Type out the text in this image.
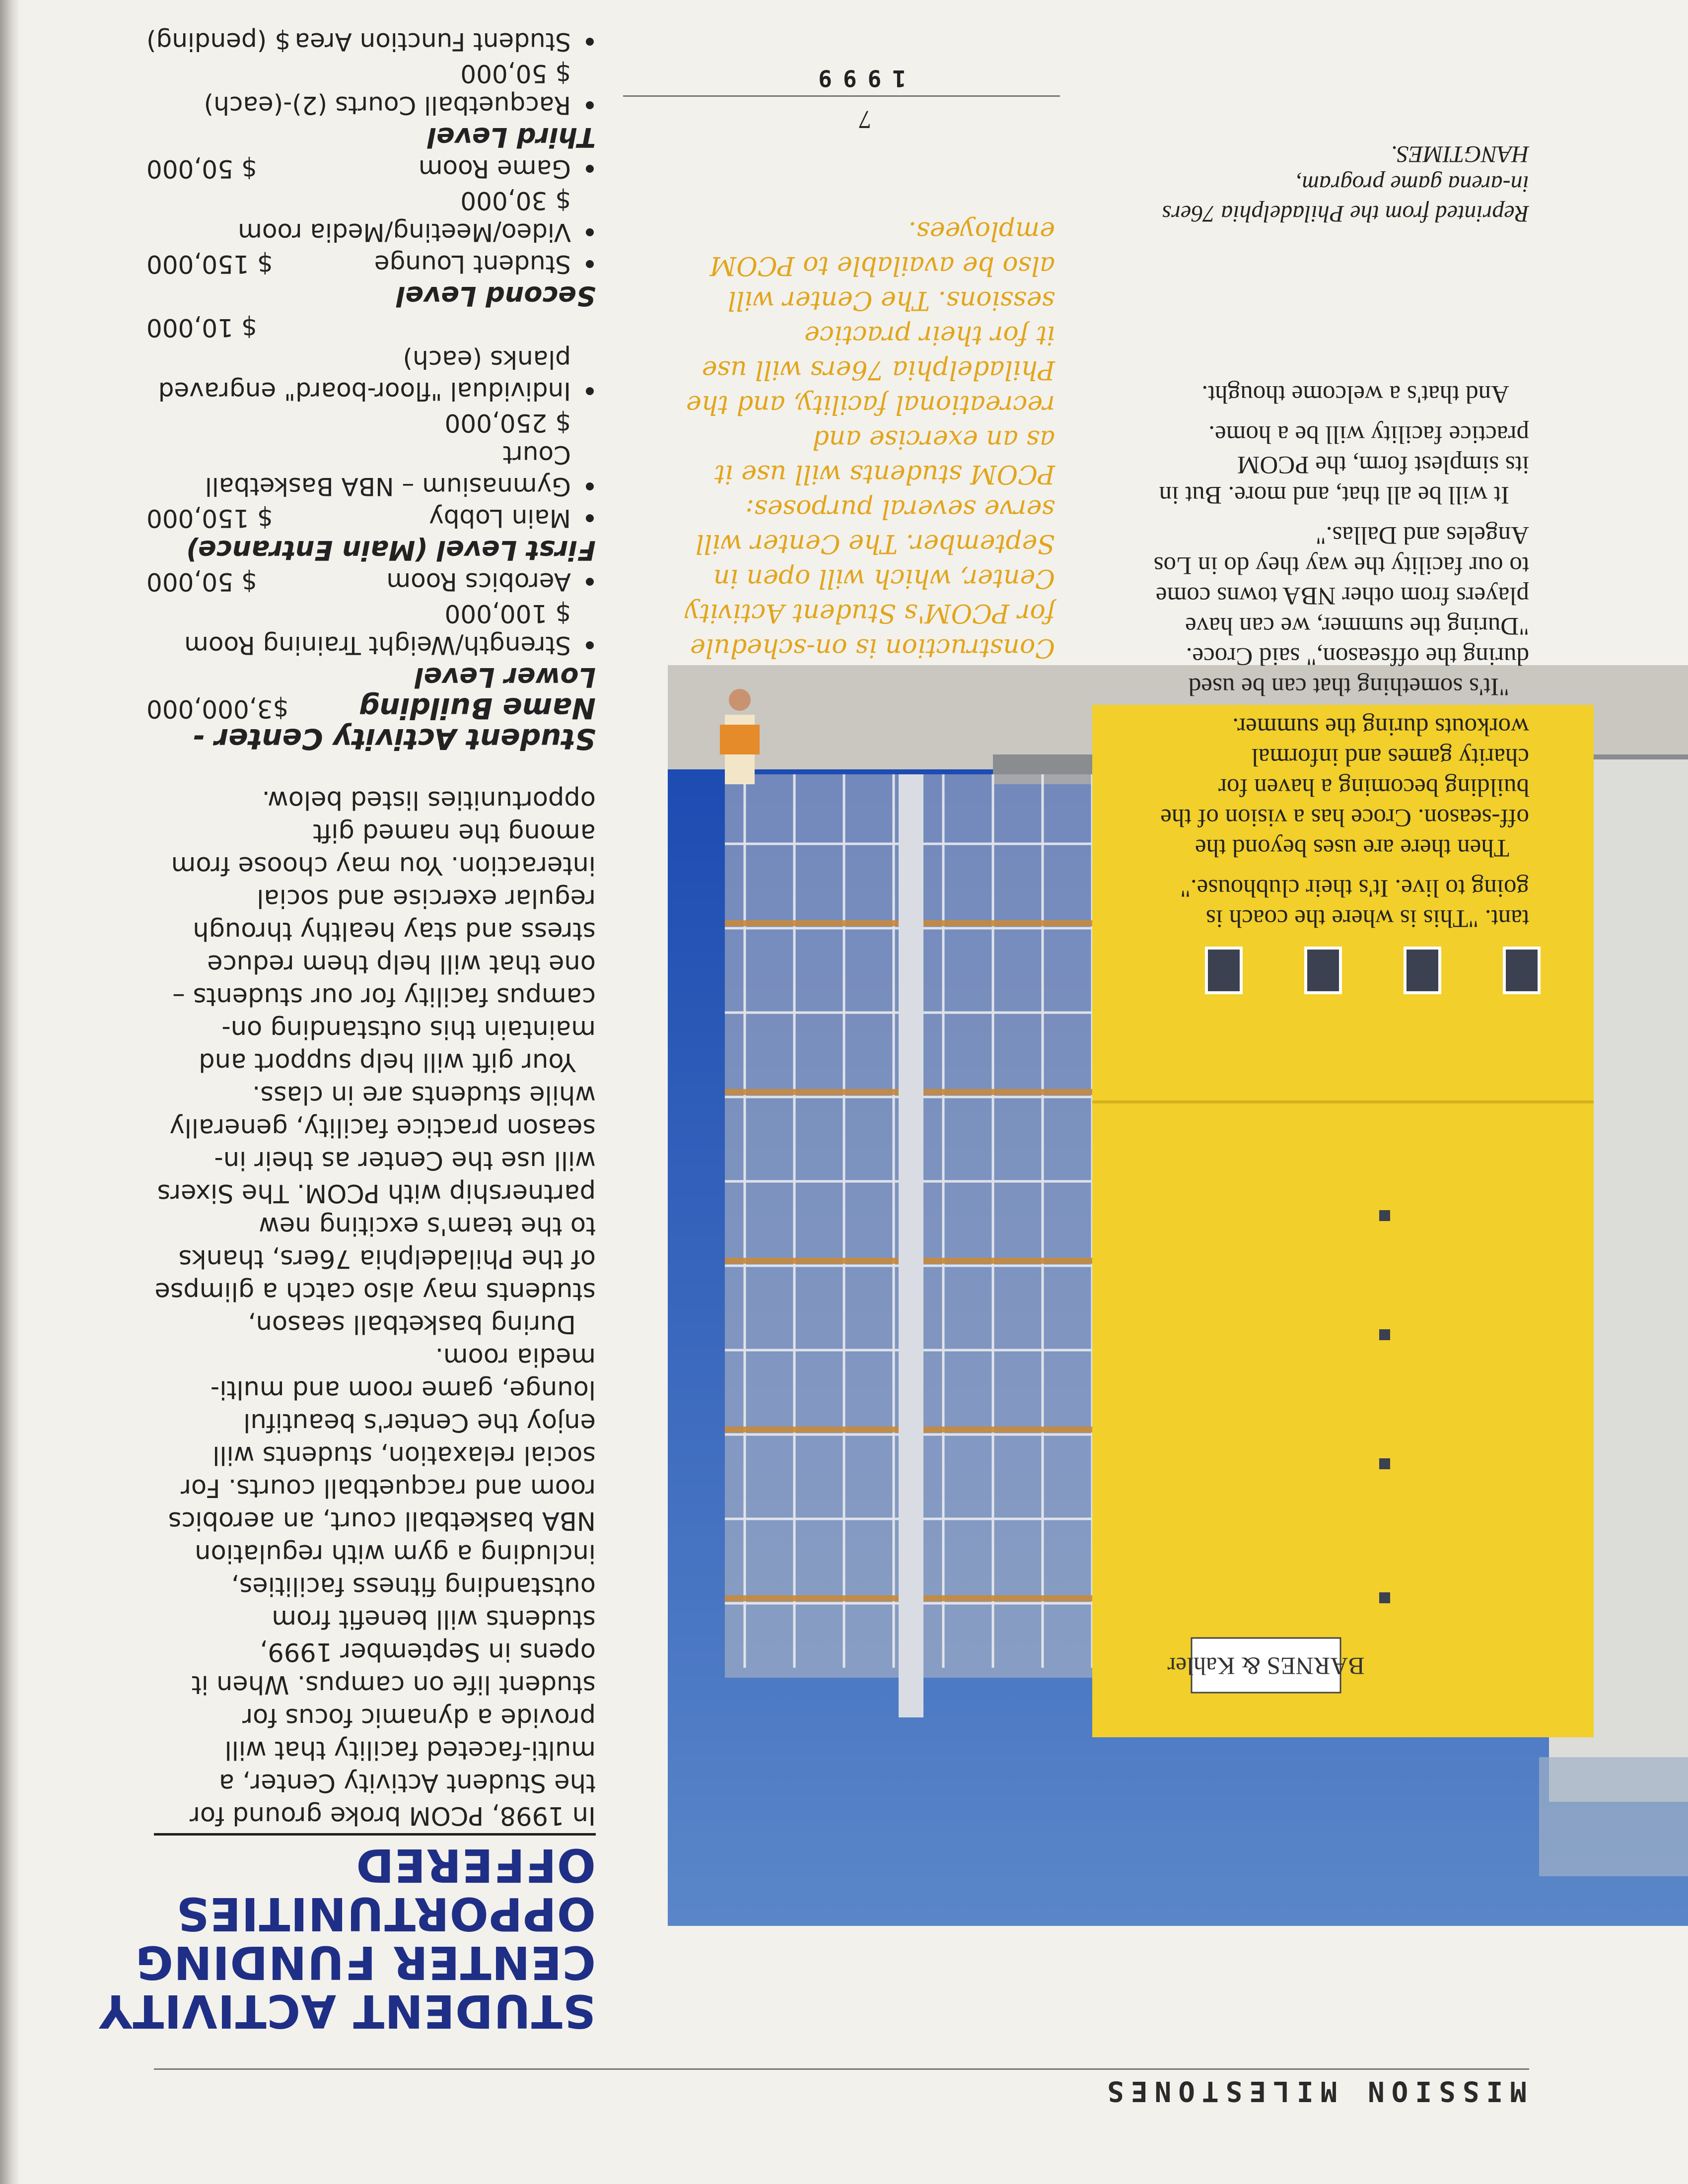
MISSION MILESTONES
STUDENT ACTIVITY
CENTER FUNDING
OPPORTUNITIES
OFFERED

In 1998, PCOM broke ground for the Student Activity Center, a multi-faceted facility that will provide a dynamic focus for student life on campus. When it opens in September 1999, students will benefit from outstanding fitness facilities, including a gym with regulation NBA basketball court, an aerobics room and racquetball courts. For social relaxation, students will enjoy the Center's beautiful lounge, game room and multi-media room.

During basketball season, students may also catch a glimpse of the Philadelphia 76ers, thanks to the team's exciting new partnership with PCOM. The Sixers will use the Center as their in-season practice facility, generally while students are in class.

Your gift will help support and maintain this outstanding on-campus facility for our students – one that will help them reduce stress and stay healthy through regular exercise and social interaction. You may choose from among the named gift opportunities listed below.

Student Activity Center - Name Building
$3,000,000
Lower Level
Strength/Weight Training Room
$ 100,000
Aerobics Room
$ 50,000
First Level (Main Entrance)
Main Lobby
$ 150,000
Gymnasium – NBA Basketball Court
$ 250,000
Individual "floor-board" engraved planks (each)
$ 10,000
Second Level
Student Lounge
$ 150,000
Video/Meeting/Media room
$ 30,000
Game Room
$ 50,000
Third Level
Racquetball Courts (2)-(each)
$ 50,000
Student Function Area
$ (pending)
BARNES & Kahler
Construction is on-schedule for PCOM's Student Activity Center, which will open in September. The Center will serve several purposes: PCOM students will use it as an exercise and recreational facility, and the Philadelphia 76ers will use it for their practice sessions. The Center will also be available to PCOM employees.

tant. "This is where the coach is going to live. It's their clubhouse."

Then there are uses beyond the off-season. Croce has a vision of the building becoming a haven for charity games and informal workouts during the summer.

"It's something that can be used during the offseason," said Croce. "During the summer, we can have players from other NBA towns come to our facility the way they do in Los Angeles and Dallas."

It will be all that, and more. But in its simplest form, the PCOM practice facility will be a home.

And that's a welcome thought.

Reprinted from the Philadelphia 76ers in-arena game program, HANGTIMES.
7
1999
